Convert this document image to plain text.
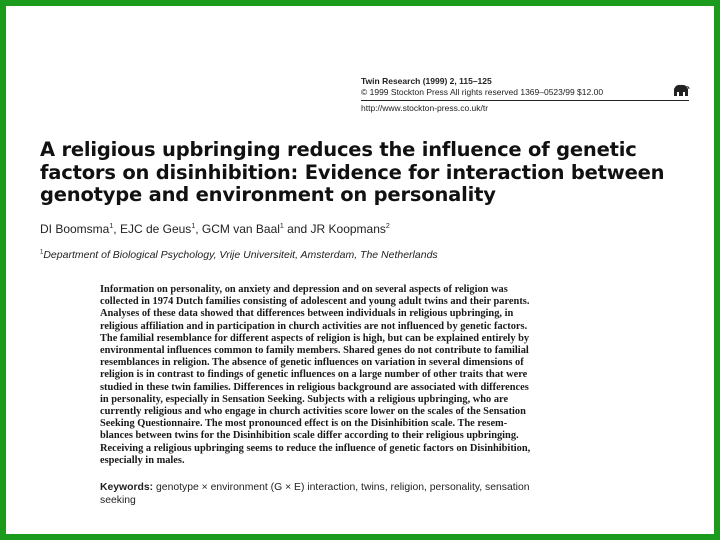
Twin Research (1999) 2, 115–125
© 1999 Stockton Press All rights reserved 1369–0523/99 $12.00
http://www.stockton-press.co.uk/tr
A religious upbringing reduces the influence of genetic
factors on disinhibition: Evidence for interaction between
genotype and environment on personality
DI Boomsma$^1$, EJC de Geus$^1$, GCM van Baal$^1$ and JR Koopmans$^2$
$^1$Department of Biological Psychology, Vrije Universiteit, Amsterdam, The Netherlands
Information on personality, on anxiety and depression and on several aspects of religion was
collected in 1974 Dutch families consisting of adolescent and young adult twins and their parents.
Analyses of these data showed that differences between individuals in religious upbringing, in
religious affiliation and in participation in church activities are not influenced by genetic factors.
The familial resemblance for different aspects of religion is high, but can be explained entirely by
environmental influences common to family members. Shared genes do not contribute to familial
resemblances in religion. The absence of genetic influences on variation in several dimensions of
religion is in contrast to findings of genetic influences on a large number of other traits that were
studied in these twin families. Differences in religious background are associated with differences
in personality, especially in Sensation Seeking. Subjects with a religious upbringing, who are
currently religious and who engage in church activities score lower on the scales of the Sensation
Seeking Questionnaire. The most pronounced effect is on the Disinhibition scale. The resem-
blances between twins for the Disinhibition scale differ according to their religious upbringing.
Receiving a religious upbringing seems to reduce the influence of genetic factors on Disinhibition,
especially in males.
Keywords: genotype × environment (G × E) interaction, twins, religion, personality, sensation
seeking
